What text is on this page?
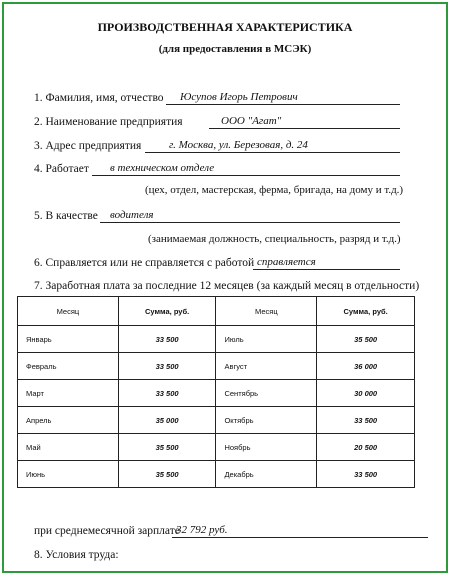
ПРОИЗВОДСТВЕННАЯ ХАРАКТЕРИСТИКА
(для предоставления в МСЭК)
1. Фамилия, имя, отчество	Юсупов Игорь Петрович
2. Наименование предприятия	ООО "Агат"
3. Адрес предприятия	г. Москва, ул. Березовая, д. 24
4. Работает	в техническом отделе
(цех, отдел, мастерская, ферма, бригада, на дому и т.д.)
5. В качестве	водителя
(занимаемая должность, специальность, разряд и т.д.)
6. Справляется или не справляется с работой справляется
7. Заработная плата за последние 12 месяцев (за каждый месяц в отдельности)
Месяц	Сумма, руб.	Месяц	Сумма, руб.
Январь	33 500	Июль	35 500
Февраль	33 500	Август	36 000
Март	33 500	Сентябрь	30 000
Апрель	35 000	Октябрь	33 500
Май	35 500	Ноябрь	20 500
Июнь	35 500	Декабрь	33 500
при среднемесячной зарплате
32 792 руб.
8. Условия труда:
